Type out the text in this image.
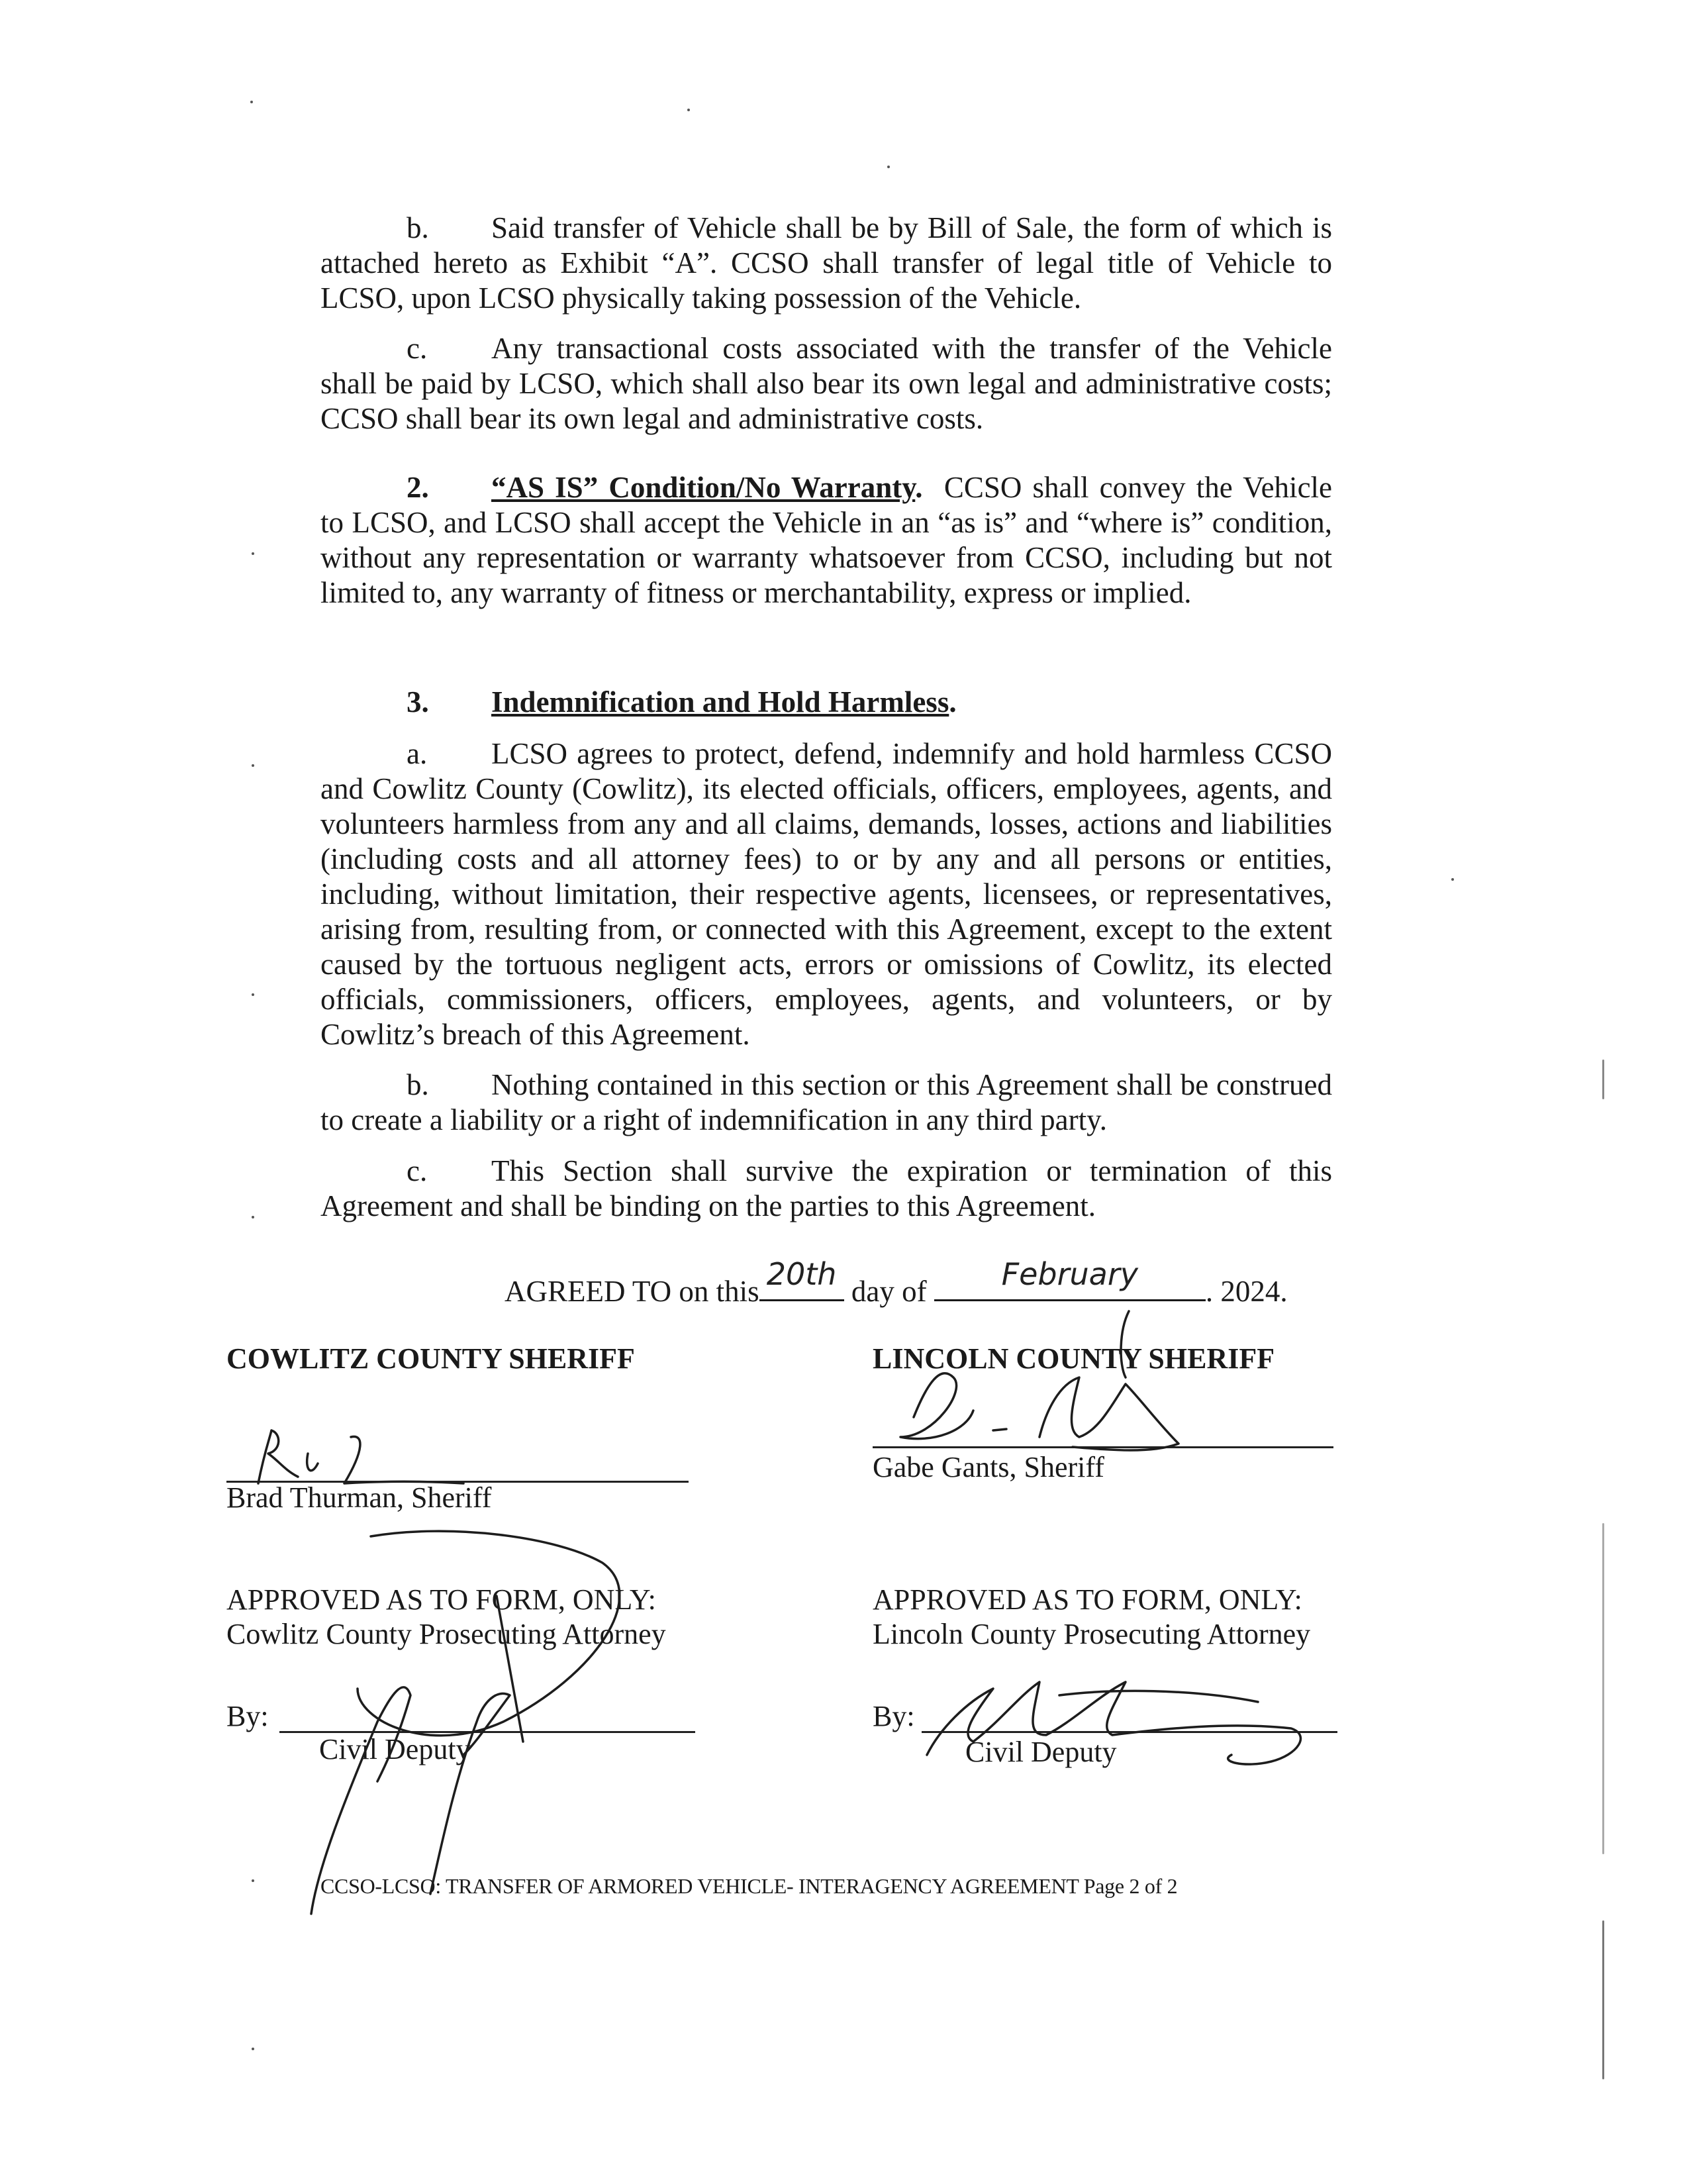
b. Said transfer of Vehicle shall be by Bill of Sale, the form of which is attached hereto as Exhibit “A”. CCSO shall transfer of legal title of Vehicle to LCSO, upon LCSO physically taking possession of the Vehicle.

c. Any transactional costs associated with the transfer of the Vehicle shall be paid by LCSO, which shall also bear its own legal and administrative costs; CCSO shall bear its own legal and administrative costs.

2. “AS IS” Condition/No Warranty. CCSO shall convey the Vehicle to LCSO, and LCSO shall accept the Vehicle in an “as is” and “where is” condition, without any representation or warranty whatsoever from CCSO, including but not limited to, any warranty of fitness or merchantability, express or implied.

3. Indemnification and Hold Harmless.

a. LCSO agrees to protect, defend, indemnify and hold harmless CCSO and Cowlitz County (Cowlitz), its elected officials, officers, employees, agents, and volunteers harmless from any and all claims, demands, losses, actions and liabilities (including costs and all attorney fees) to or by any and all persons or entities, including, without limitation, their respective agents, licensees, or representatives, arising from, resulting from, or connected with this Agreement, except to the extent caused by the tortuous negligent acts, errors or omissions of Cowlitz, its elected officials, commissioners, officers, employees, agents, and volunteers, or by Cowlitz’s breach of this Agreement.

b. Nothing contained in this section or this Agreement shall be construed to create a liability or a right of indemnification in any third party.

c. This Section shall survive the expiration or termination of this Agreement and shall be binding on the parties to this Agreement.

AGREED TO on this 20th day of	February	. 2024.
COWLITZ COUNTY SHERIFF	LINCOLN COUNTY SHERIFF
Brad Thurman, Sheriff
Gabe Gants, Sheriff
APPROVED AS TO FORM, ONLY:
Cowlitz County Prosecuting Attorney
By:
Civil Deputy
APPROVED AS TO FORM, ONLY:
Lincoln County Prosecuting Attorney
By:
Civil Deputy
CCSO-LCSO: TRANSFER OF ARMORED VEHICLE- INTERAGENCY AGREEMENT Page 2 of 2
